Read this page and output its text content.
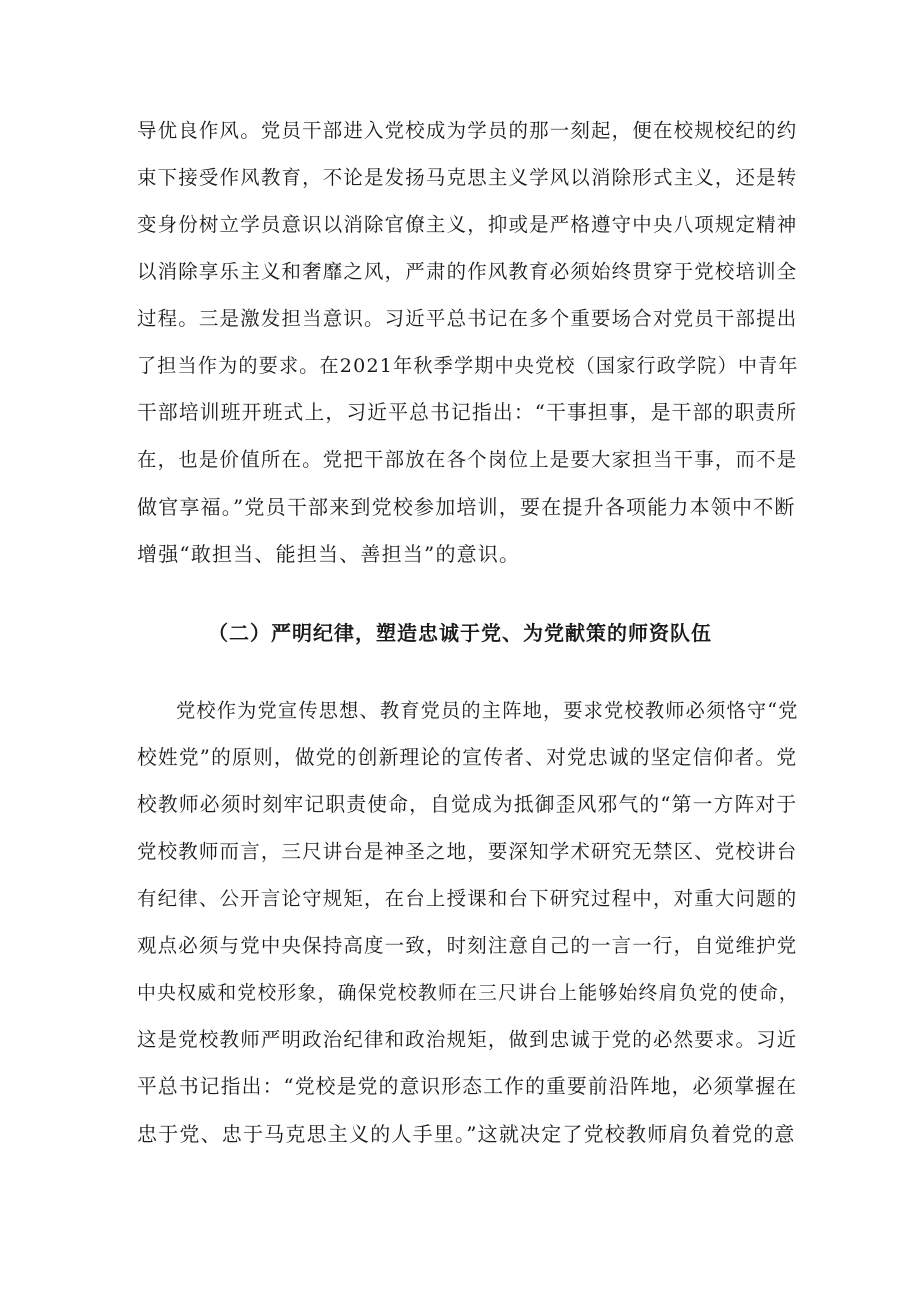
导优良作风。党员干部进入党校成为学员的那一刻起，便在校规校纪的约
束下接受作风教育，不论是发扬马克思主义学风以消除形式主义，还是转
变身份树立学员意识以消除官僚主义，抑或是严格遵守中央八项规定精神
以消除享乐主义和奢靡之风，严肃的作风教育必须始终贯穿于党校培训全
过程。三是激发担当意识。习近平总书记在多个重要场合对党员干部提出
了担当作为的要求。在2021年秋季学期中央党校（国家行政学院）中青年
干部培训班开班式上，习近平总书记指出：“干事担事，是干部的职责所
在，也是价值所在。党把干部放在各个岗位上是要大家担当干事，而不是
做官享福。”党员干部来到党校参加培训，要在提升各项能力本领中不断
增强“敢担当、能担当、善担当”的意识。
（二）严明纪律，塑造忠诚于党、为党献策的师资队伍
党校作为党宣传思想、教育党员的主阵地，要求党校教师必须恪守“党
校姓党”的原则，做党的创新理论的宣传者、对党忠诚的坚定信仰者。党
校教师必须时刻牢记职责使命，自觉成为抵御歪风邪气的“第一方阵对于
党校教师而言，三尺讲台是神圣之地，要深知学术研究无禁区、党校讲台
有纪律、公开言论守规矩，在台上授课和台下研究过程中，对重大问题的
观点必须与党中央保持高度一致，时刻注意自己的一言一行，自觉维护党
中央权威和党校形象，确保党校教师在三尺讲台上能够始终肩负党的使命，
这是党校教师严明政治纪律和政治规矩，做到忠诚于党的必然要求。习近
平总书记指出：“党校是党的意识形态工作的重要前沿阵地，必须掌握在
忠于党、忠于马克思主义的人手里。”这就决定了党校教师肩负着党的意
